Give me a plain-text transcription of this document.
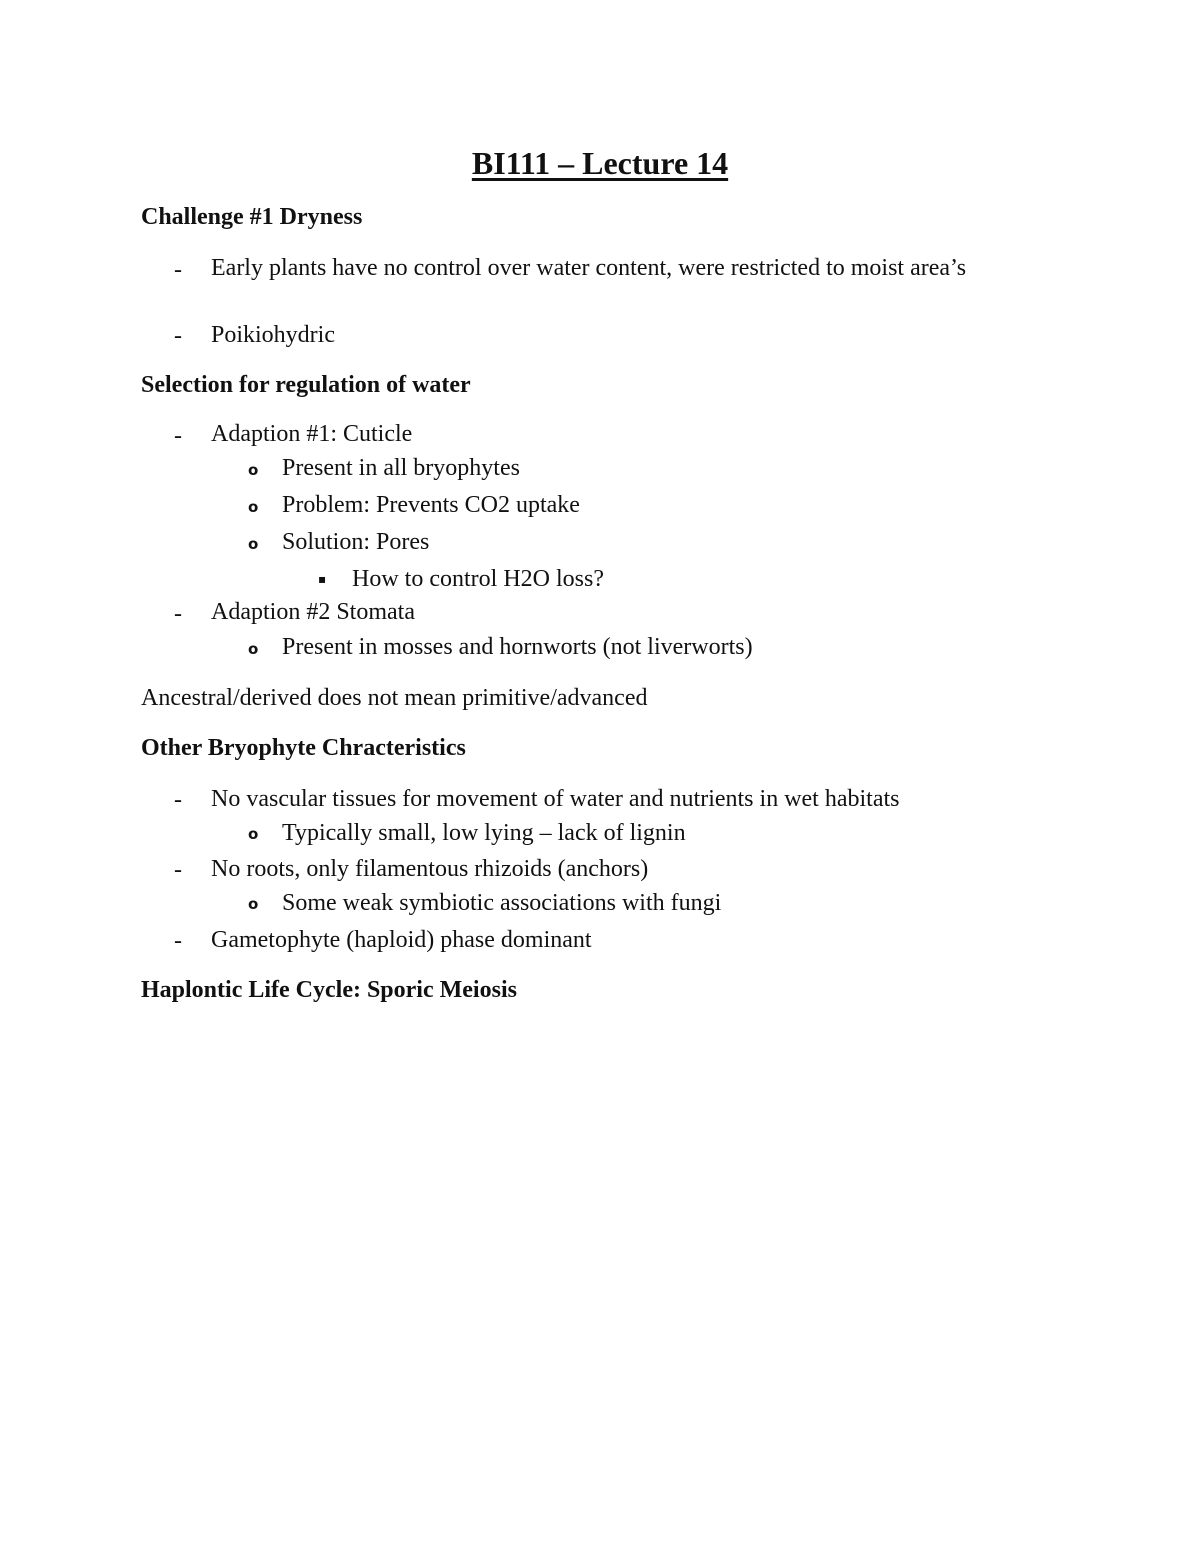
BI111 – Lecture 14
Challenge #1 Dryness
- Early plants have no control over water content, were restricted to moist area’s
- Poikiohydric
Selection for regulation of water
- Adaption #1: Cuticle
o Present in all bryophytes
o Problem: Prevents CO2 uptake
o Solution: Pores
▪ How to control H2O loss?
- Adaption #2 Stomata
o Present in mosses and hornworts (not liverworts)
Ancestral/derived does not mean primitive/advanced
Other Bryophyte Chracteristics
- No vascular tissues for movement of water and nutrients in wet habitats
o Typically small, low lying – lack of lignin
- No roots, only filamentous rhizoids (anchors)
o Some weak symbiotic associations with fungi
- Gametophyte (haploid) phase dominant
Haplontic Life Cycle: Sporic Meiosis
